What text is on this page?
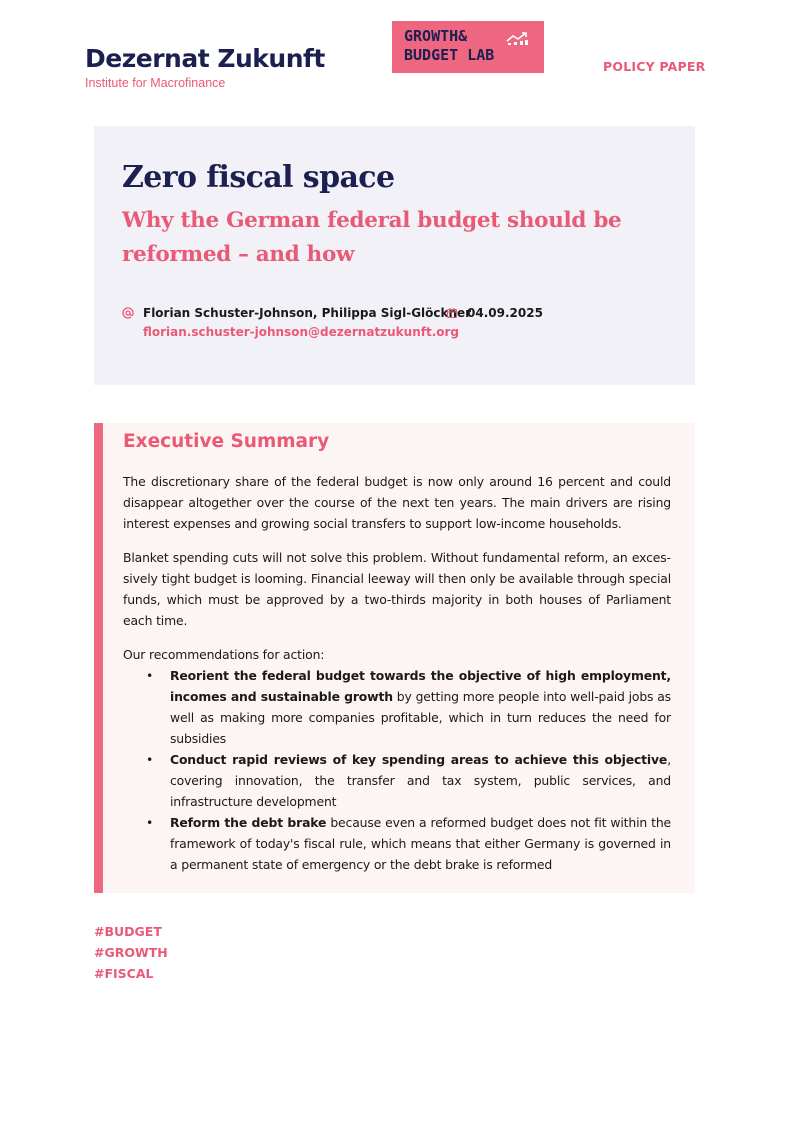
Dezernat Zukunft
Institute for Macrofinance
GROWTH&
BUDGET LAB
POLICY PAPER
Zero fiscal space
Why the German federal budget should be reformed – and how
Florian Schuster-Johnson, Philippa Sigl-Glöckner
florian.schuster-johnson@dezernatzukunft.org
04.09.2025
Executive Summary

The discretionary share of the federal budget is now only around 16 percent and could disappear altogether over the course of the next ten years. The main drivers are rising interest expenses and growing social transfers to support low-income households.

Blanket spending cuts will not solve this problem. Without fundamental reform, an excessively tight budget is looming. Financial leeway will then only be available through special funds, which must be approved by a two-thirds majority in both houses of Parliament each time.

Our recommendations for action:

• Reorient the federal budget towards the objective of high employment, incomes and sustainable growth by getting more people into well-paid jobs as well as making more companies profitable, which in turn reduces the need for subsidies
• Conduct rapid reviews of key spending areas to achieve this objective, covering innovation, the transfer and tax system, public services, and infrastructure development
• Reform the debt brake because even a reformed budget does not fit within the framework of today's fiscal rule, which means that either Germany is governed in a permanent state of emergency or the debt brake is reformed
#BUDGET
#GROWTH
#FISCAL
